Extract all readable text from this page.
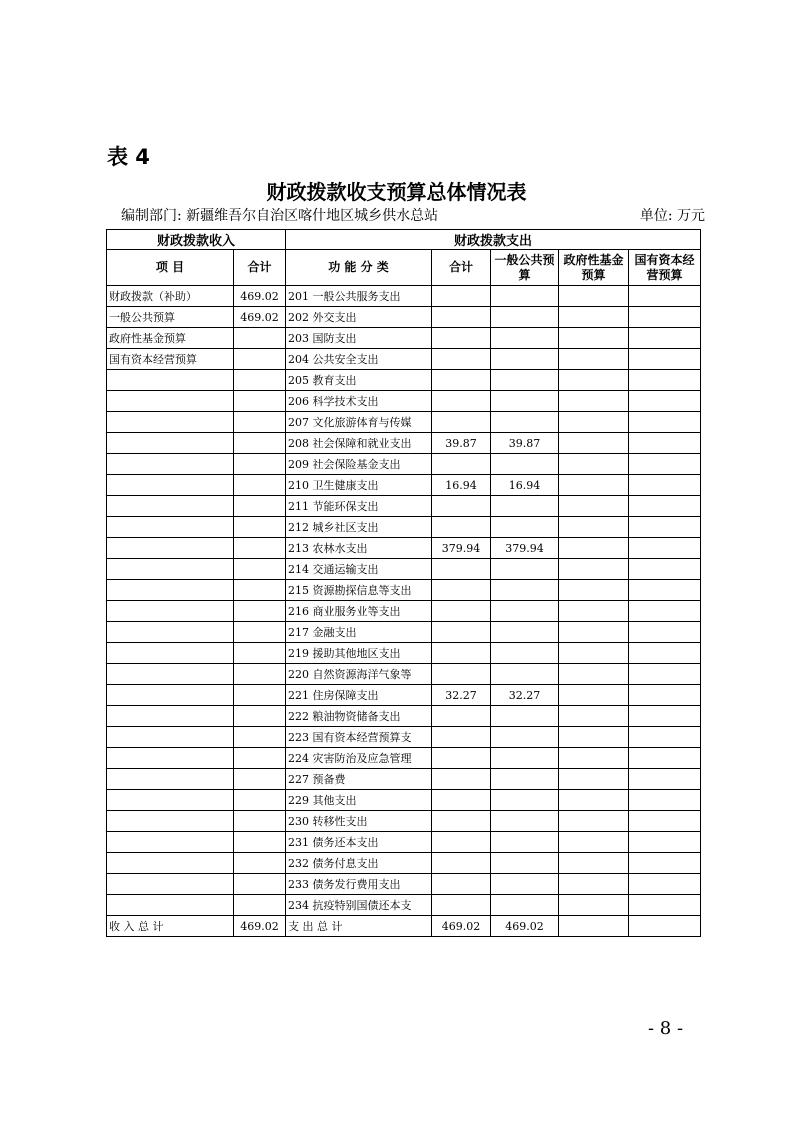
表 4
财政拨款收支预算总体情况表
编制部门: 新疆维吾尔自治区喀什地区城乡供水总站	单位: 万元
财政拨款收入		财政拨款支出				
项 目	合计	功 能 分 类	合计	一般公共预算	政府性基金预算	国有资本经营预算
财政拨款（补助）	469.02	201 一般公共服务支出				
一般公共预算	469.02	202 外交支出				
政府性基金预算		203 国防支出				
国有资本经营预算		204 公共安全支出				
		205 教育支出				
		206 科学技术支出				
		207 文化旅游体育与传媒				
		208 社会保障和就业支出	39.87	39.87		
		209 社会保险基金支出				
		210 卫生健康支出	16.94	16.94		
		211 节能环保支出				
		212 城乡社区支出				
		213 农林水支出	379.94	379.94		
		214 交通运输支出				
		215 资源勘探信息等支出				
		216 商业服务业等支出				
		217 金融支出				
		219 援助其他地区支出				
		220 自然资源海洋气象等				
		221 住房保障支出	32.27	32.27		
		222 粮油物资储备支出				
		223 国有资本经营预算支				
		224 灾害防治及应急管理				
		227 预备费				
		229 其他支出				
		230 转移性支出				
		231 债务还本支出				
		232 债务付息支出				
		233 债务发行费用支出				
		234 抗疫特别国债还本支				
收 入 总 计	469.02	支 出 总 计	469.02	469.02		
- 8 -
